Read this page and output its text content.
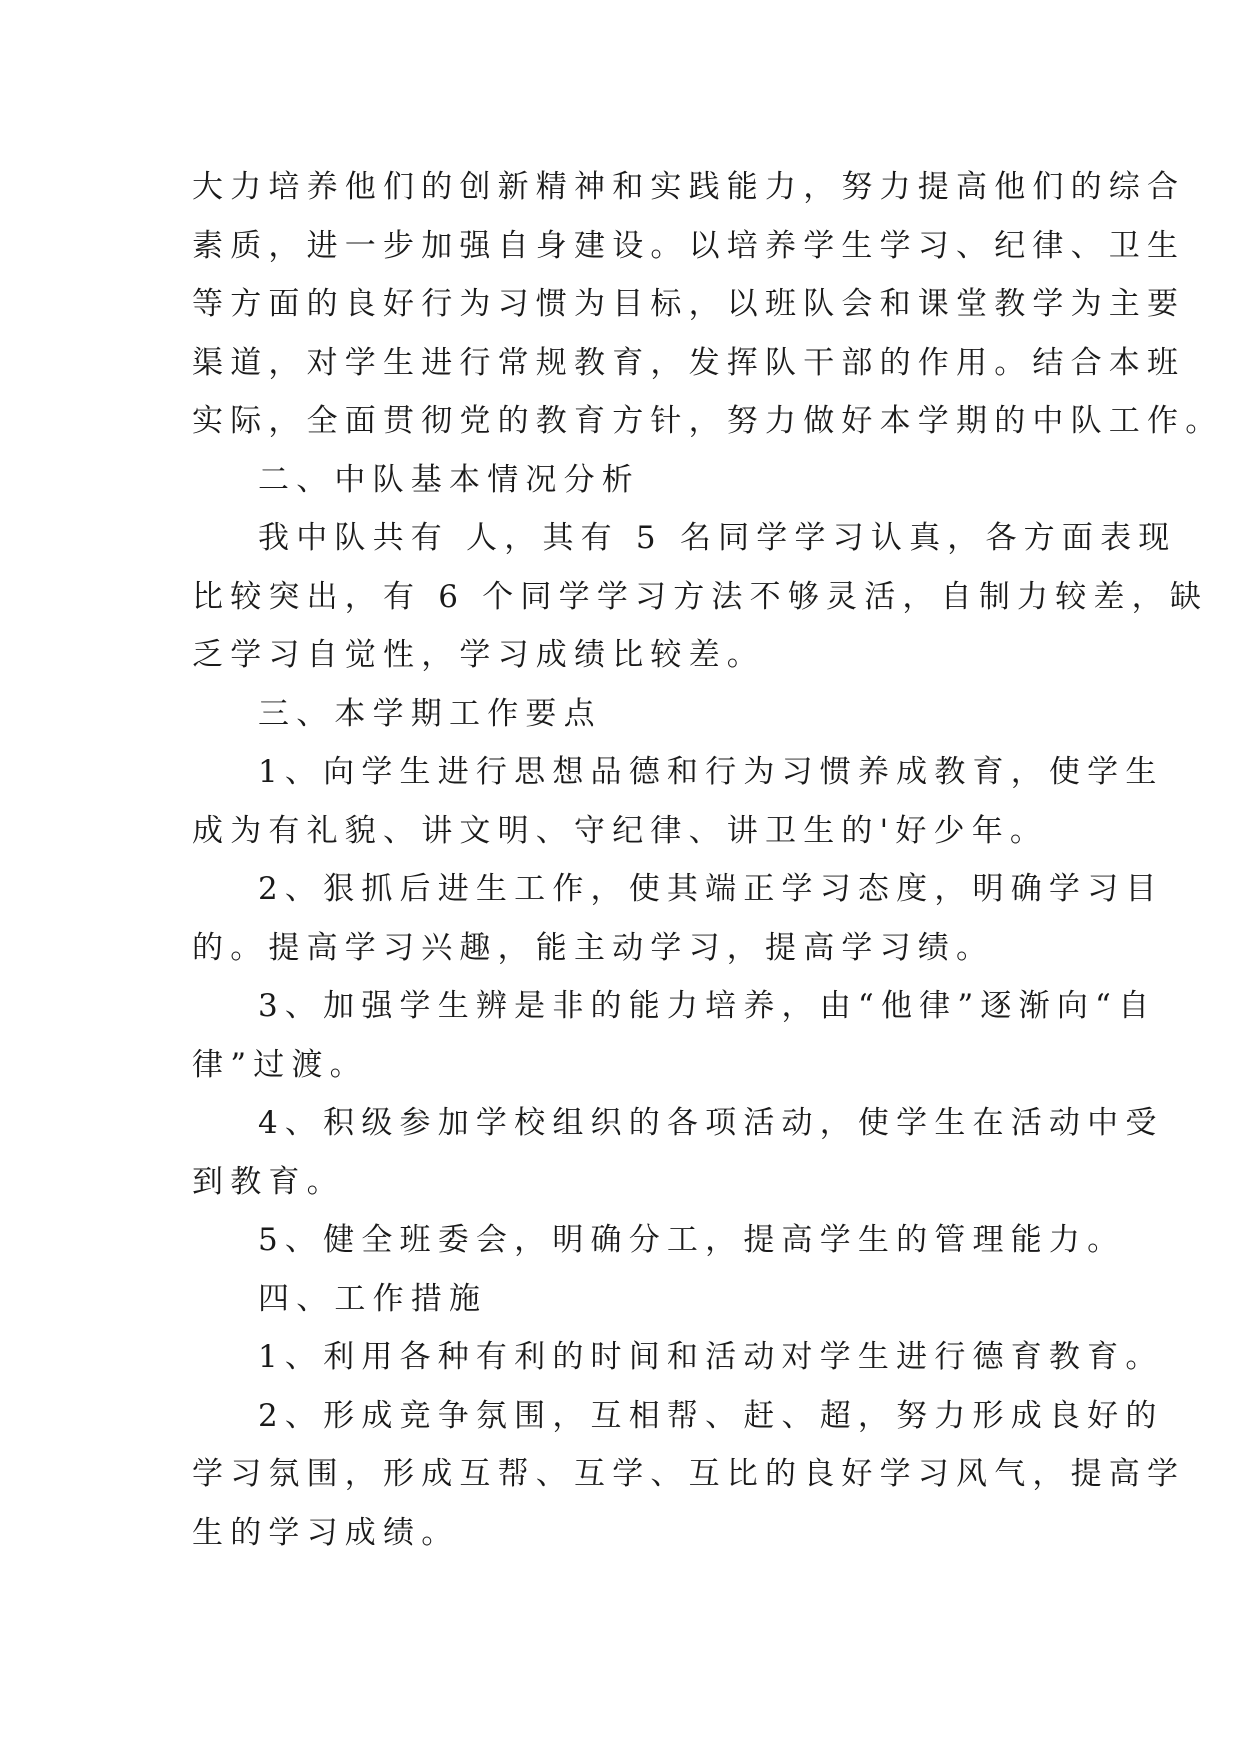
大力培养他们的创新精神和实践能力，努力提高他们的综合
素质，进一步加强自身建设。以培养学生学习、纪律、卫生
等方面的良好行为习惯为目标，以班队会和课堂教学为主要
渠道，对学生进行常规教育，发挥队干部的作用。结合本班
实际，全面贯彻党的教育方针，努力做好本学期的中队工作。
二、中队基本情况分析
我中队共有 人，其有 5 名同学学习认真，各方面表现
比较突出，有 6 个同学学习方法不够灵活，自制力较差，缺
乏学习自觉性，学习成绩比较差。
三、本学期工作要点
1、向学生进行思想品德和行为习惯养成教育，使学生
成为有礼貌、讲文明、守纪律、讲卫生的'好少年。
2、狠抓后进生工作，使其端正学习态度，明确学习目
的。提高学习兴趣，能主动学习，提高学习绩。
3、加强学生辨是非的能力培养，由“他律”逐渐向“自
律”过渡。
4、积级参加学校组织的各项活动，使学生在活动中受
到教育。
5、健全班委会，明确分工，提高学生的管理能力。
四、工作措施
1、利用各种有利的时间和活动对学生进行德育教育。
2、形成竞争氛围，互相帮、赶、超，努力形成良好的
学习氛围，形成互帮、互学、互比的良好学习风气，提高学
生的学习成绩。
